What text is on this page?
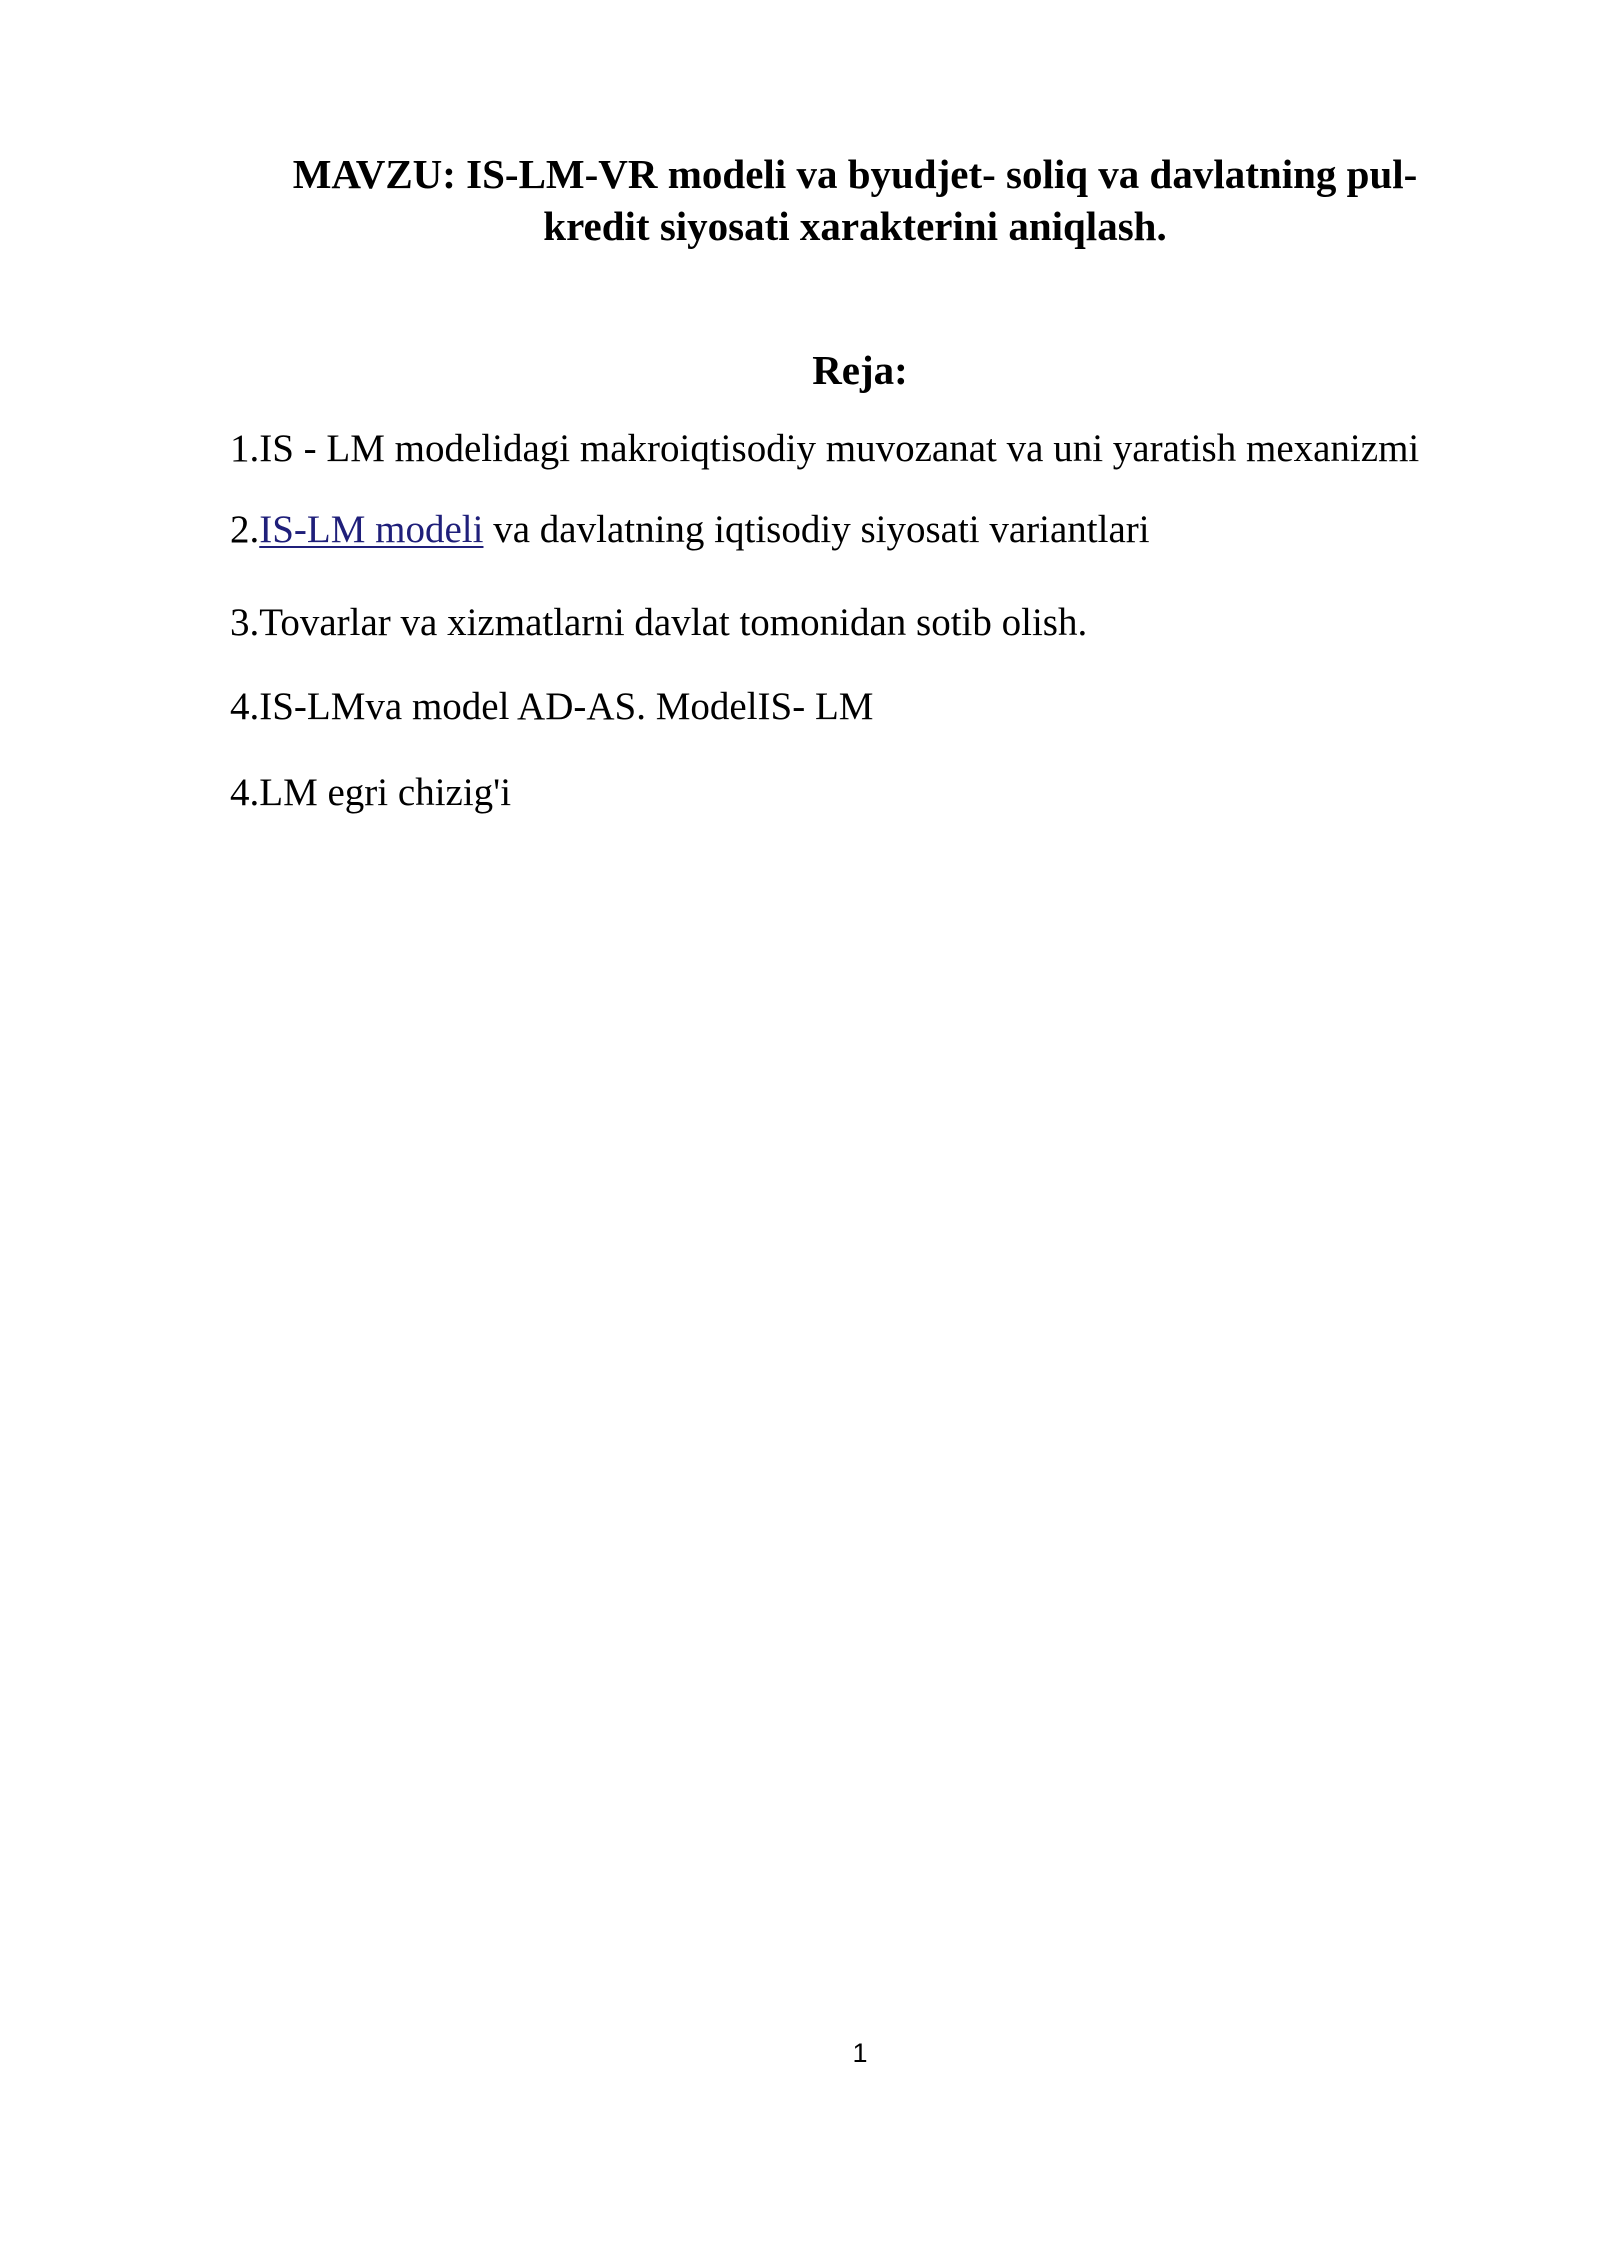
MAVZU: IS-LM-VR modeli va byudjet- soliq va davlatning pul-
kredit siyosati xarakterini aniqlash.
Reja:
1.IS - LM modelidagi makroiqtisodiy muvozanat va uni yaratish mexanizmi
2.IS-LM modeli va davlatning iqtisodiy siyosati variantlari
3.Tovarlar va xizmatlarni davlat tomonidan sotib olish.
4.IS-LMva model AD-AS. ModelIS- LM
4.LM egri chizig'i
1
